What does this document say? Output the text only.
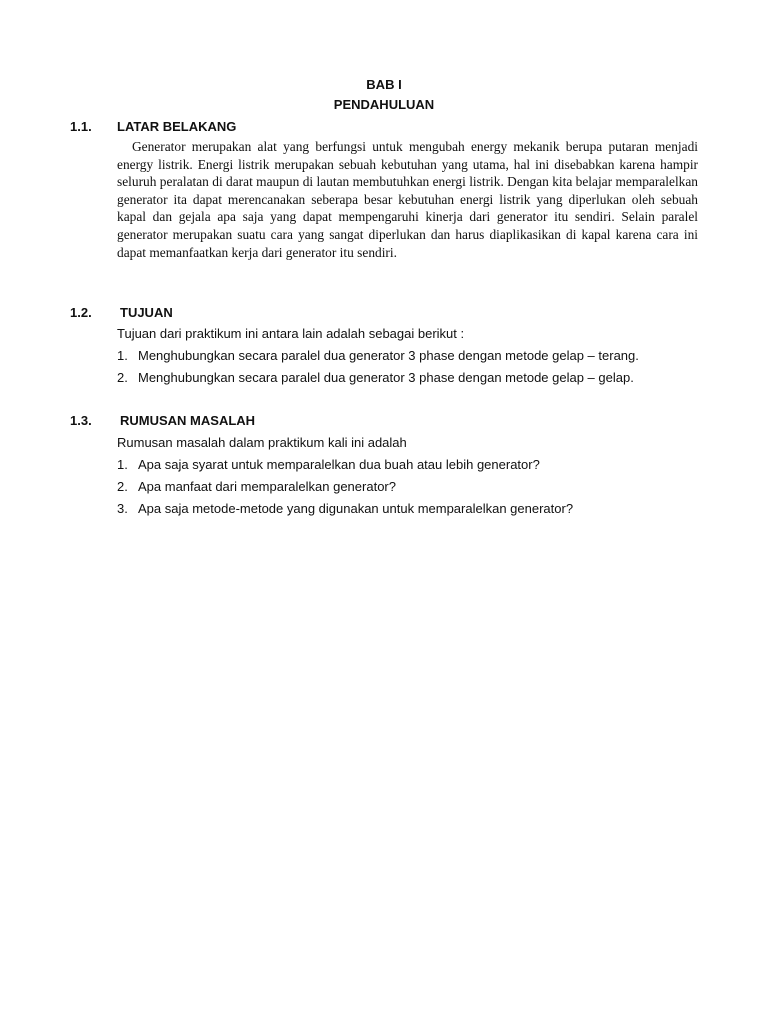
BAB I
PENDAHULUAN
1.1. LATAR BELAKANG

Generator merupakan alat yang berfungsi untuk mengubah energy mekanik berupa putaran menjadi energy listrik. Energi listrik merupakan sebuah kebutuhan yang utama, hal ini disebabkan karena hampir seluruh peralatan di darat maupun di lautan membutuhkan energi listrik. Dengan kita belajar memparalelkan generator ita dapat merencanakan seberapa besar kebutuhan energi listrik yang diperlukan oleh sebuah kapal dan gejala apa saja yang dapat mempengaruhi kinerja dari generator itu sendiri. Selain paralel generator merupakan suatu cara yang sangat diperlukan dan harus diaplikasikan di kapal karena cara ini dapat memanfaatkan kerja dari generator itu sendiri.

1.2. TUJUAN
Tujuan dari praktikum ini antara lain adalah sebagai berikut :
1. Menghubungkan secara paralel dua generator 3 phase dengan metode gelap – terang.
2. Menghubungkan secara paralel dua generator 3 phase dengan metode gelap – gelap.
1.3. RUMUSAN MASALAH
Rumusan masalah dalam praktikum kali ini adalah
1. Apa saja syarat untuk memparalelkan dua buah atau lebih generator?
2. Apa manfaat dari memparalelkan generator?
3. Apa saja metode-metode yang digunakan untuk memparalelkan generator?
